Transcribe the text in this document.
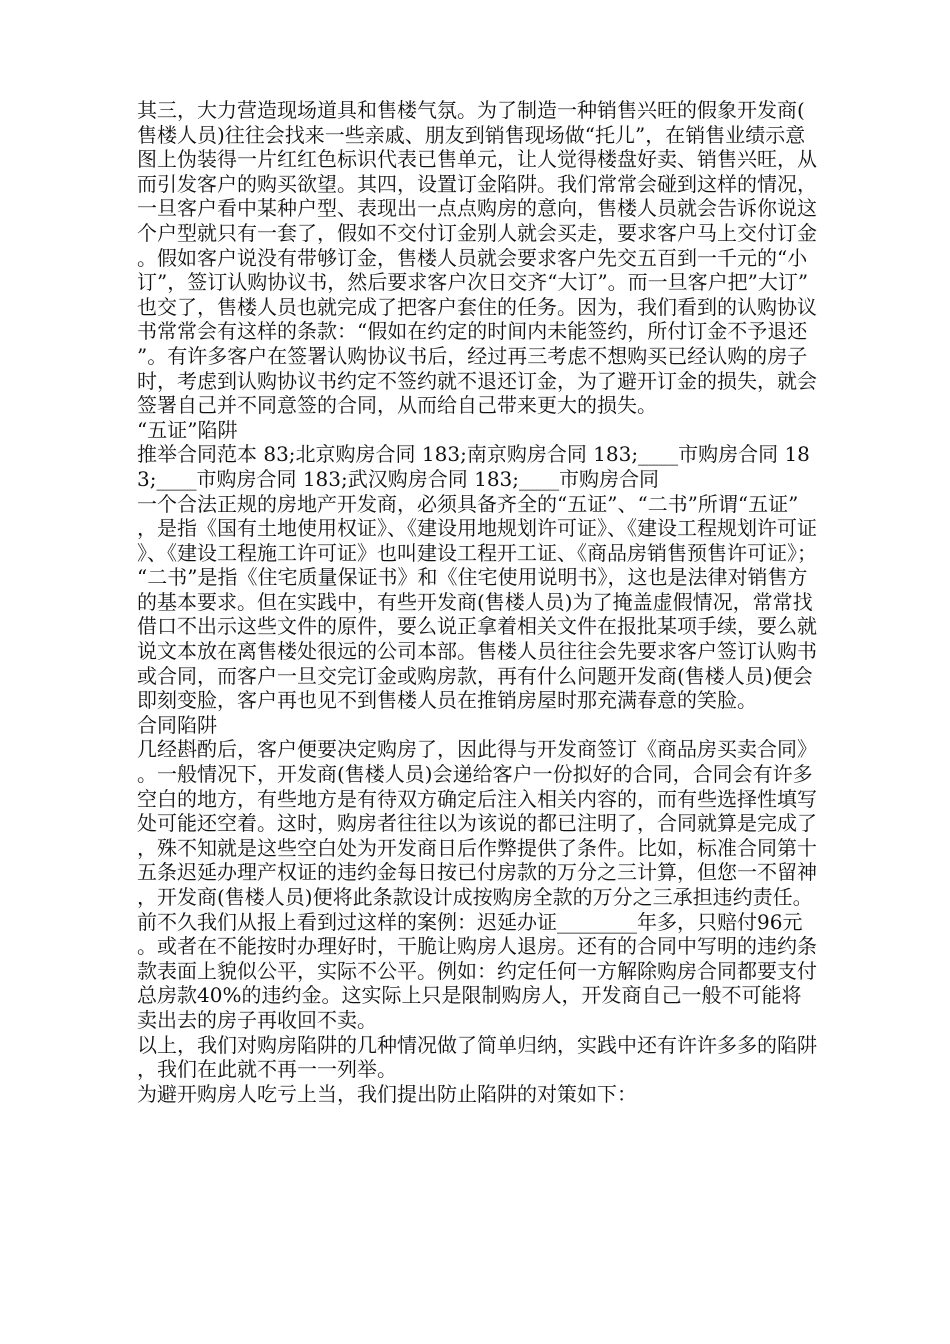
其三，大力营造现场道具和售楼气氛。为了制造一种销售兴旺的假象开发商(售楼人员)往往会找来一些亲戚、朋友到销售现场做“托儿”，在销售业绩示意图上伪装得一片红红色标识代表已售单元，让人觉得楼盘好卖、销售兴旺，从而引发客户的购买欲望。其四，设置订金陷阱。我们常常会碰到这样的情况，一旦客户看中某种户型、表现出一点点购房的意向，售楼人员就会告诉你说这个户型就只有一套了，假如不交付订金别人就会买走，要求客户马上交付订金。假如客户说没有带够订金，售楼人员就会要求客户先交五百到一千元的“小订”，签订认购协议书，然后要求客户次日交齐“大订”。而一旦客户把”大订”也交了，售楼人员也就完成了把客户套住的任务。因为，我们看到的认购协议书常常会有这样的条款：“假如在约定的时间内未能签约，所付订金不予退还”。有许多客户在签署认购协议书后，经过再三考虑不想购买已经认购的房子时，考虑到认购协议书约定不签约就不退还订金，为了避开订金的损失，就会签署自己并不同意签的合同，从而给自己带来更大的损失。

“五证”陷阱

推举合同范本 83;北京购房合同 183;南京购房合同 183;____市购房合同 183;____市购房合同 183;武汉购房合同 183;____市购房合同

一个合法正规的房地产开发商，必须具备齐全的“五证”、“二书”所谓“五证”，是指《国有土地使用权证》、《建设用地规划许可证》、《建设工程规划许可证》、《建设工程施工许可证》也叫建设工程开工证、《商品房销售预售许可证》；“二书”是指《住宅质量保证书》和《住宅使用说明书》，这也是法律对销售方的基本要求。但在实践中，有些开发商(售楼人员)为了掩盖虚假情况，常常找借口不出示这些文件的原件，要么说正拿着相关文件在报批某项手续，要么就说文本放在离售楼处很远的公司本部。售楼人员往往会先要求客户签订认购书或合同，而客户一旦交完订金或购房款，再有什么问题开发商(售楼人员)便会即刻变脸，客户再也见不到售楼人员在推销房屋时那充满春意的笑脸。

合同陷阱

几经斟酌后，客户便要决定购房了，因此得与开发商签订《商品房买卖合同》。一般情况下，开发商(售楼人员)会递给客户一份拟好的合同，合同会有许多空白的地方，有些地方是有待双方确定后注入相关内容的，而有些选择性填写处可能还空着。这时，购房者往往以为该说的都已注明了，合同就算是完成了，殊不知就是这些空白处为开发商日后作弊提供了条件。比如，标准合同第十五条迟延办理产权证的违约金每日按已付房款的万分之三计算，但您一不留神，开发商(售楼人员)便将此条款设计成按购房全款的万分之三承担违约责任。前不久我们从报上看到过这样的案例：迟延办证________年多，只赔付96元。或者在不能按时办理好时，干脆让购房人退房。还有的合同中写明的违约条款表面上貌似公平，实际不公平。例如：约定任何一方解除购房合同都要支付总房款40%的违约金。这实际上只是限制购房人，开发商自己一般不可能将卖出去的房子再收回不卖。

以上，我们对购房陷阱的几种情况做了简单归纳，实践中还有许许多多的陷阱，我们在此就不再一一列举。

为避开购房人吃亏上当，我们提出防止陷阱的对策如下：
